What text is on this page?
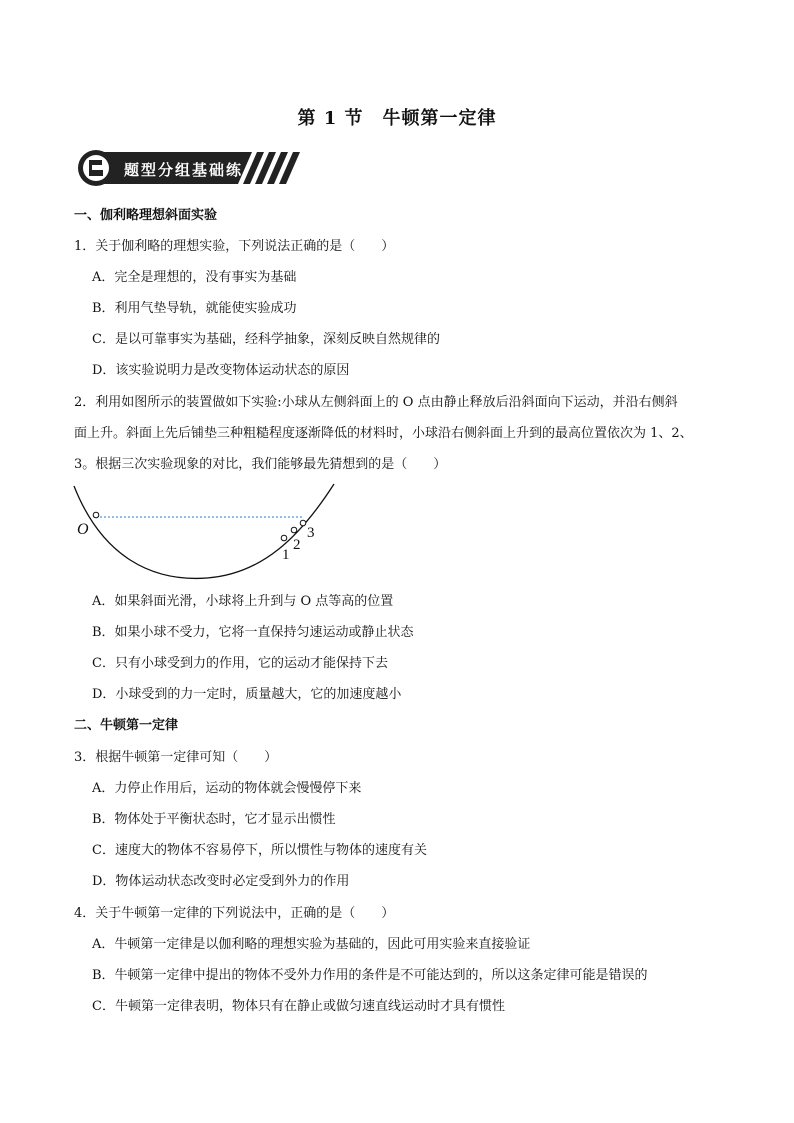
第 1 节　牛顿第一定律
题型分组基础练
一、伽利略理想斜面实验
1．关于伽利略的理想实验，下列说法正确的是（　　）
A．完全是理想的，没有事实为基础
B．利用气垫导轨，就能使实验成功
C．是以可靠事实为基础，经科学抽象，深刻反映自然规律的
D．该实验说明力是改变物体运动状态的原因
2．利用如图所示的装置做如下实验:小球从左侧斜面上的 O 点由静止释放后沿斜面向下运动，并沿右侧斜
面上升。斜面上先后铺垫三种粗糙程度逐渐降低的材料时，小球沿右侧斜面上升到的最高位置依次为 1、2、
3。根据三次实验现象的对比，我们能够最先猜想到的是（　　）
O
1
2
3
A．如果斜面光滑，小球将上升到与 O 点等高的位置
B．如果小球不受力，它将一直保持匀速运动或静止状态
C．只有小球受到力的作用，它的运动才能保持下去
D．小球受到的力一定时，质量越大，它的加速度越小
二、牛顿第一定律
3．根据牛顿第一定律可知（　　）
A．力停止作用后，运动的物体就会慢慢停下来
B．物体处于平衡状态时，它才显示出惯性
C．速度大的物体不容易停下，所以惯性与物体的速度有关
D．物体运动状态改变时必定受到外力的作用
4．关于牛顿第一定律的下列说法中，正确的是（　　）
A．牛顿第一定律是以伽利略的理想实验为基础的，因此可用实验来直接验证
B．牛顿第一定律中提出的物体不受外力作用的条件是不可能达到的，所以这条定律可能是错误的
C．牛顿第一定律表明，物体只有在静止或做匀速直线运动时才具有惯性
